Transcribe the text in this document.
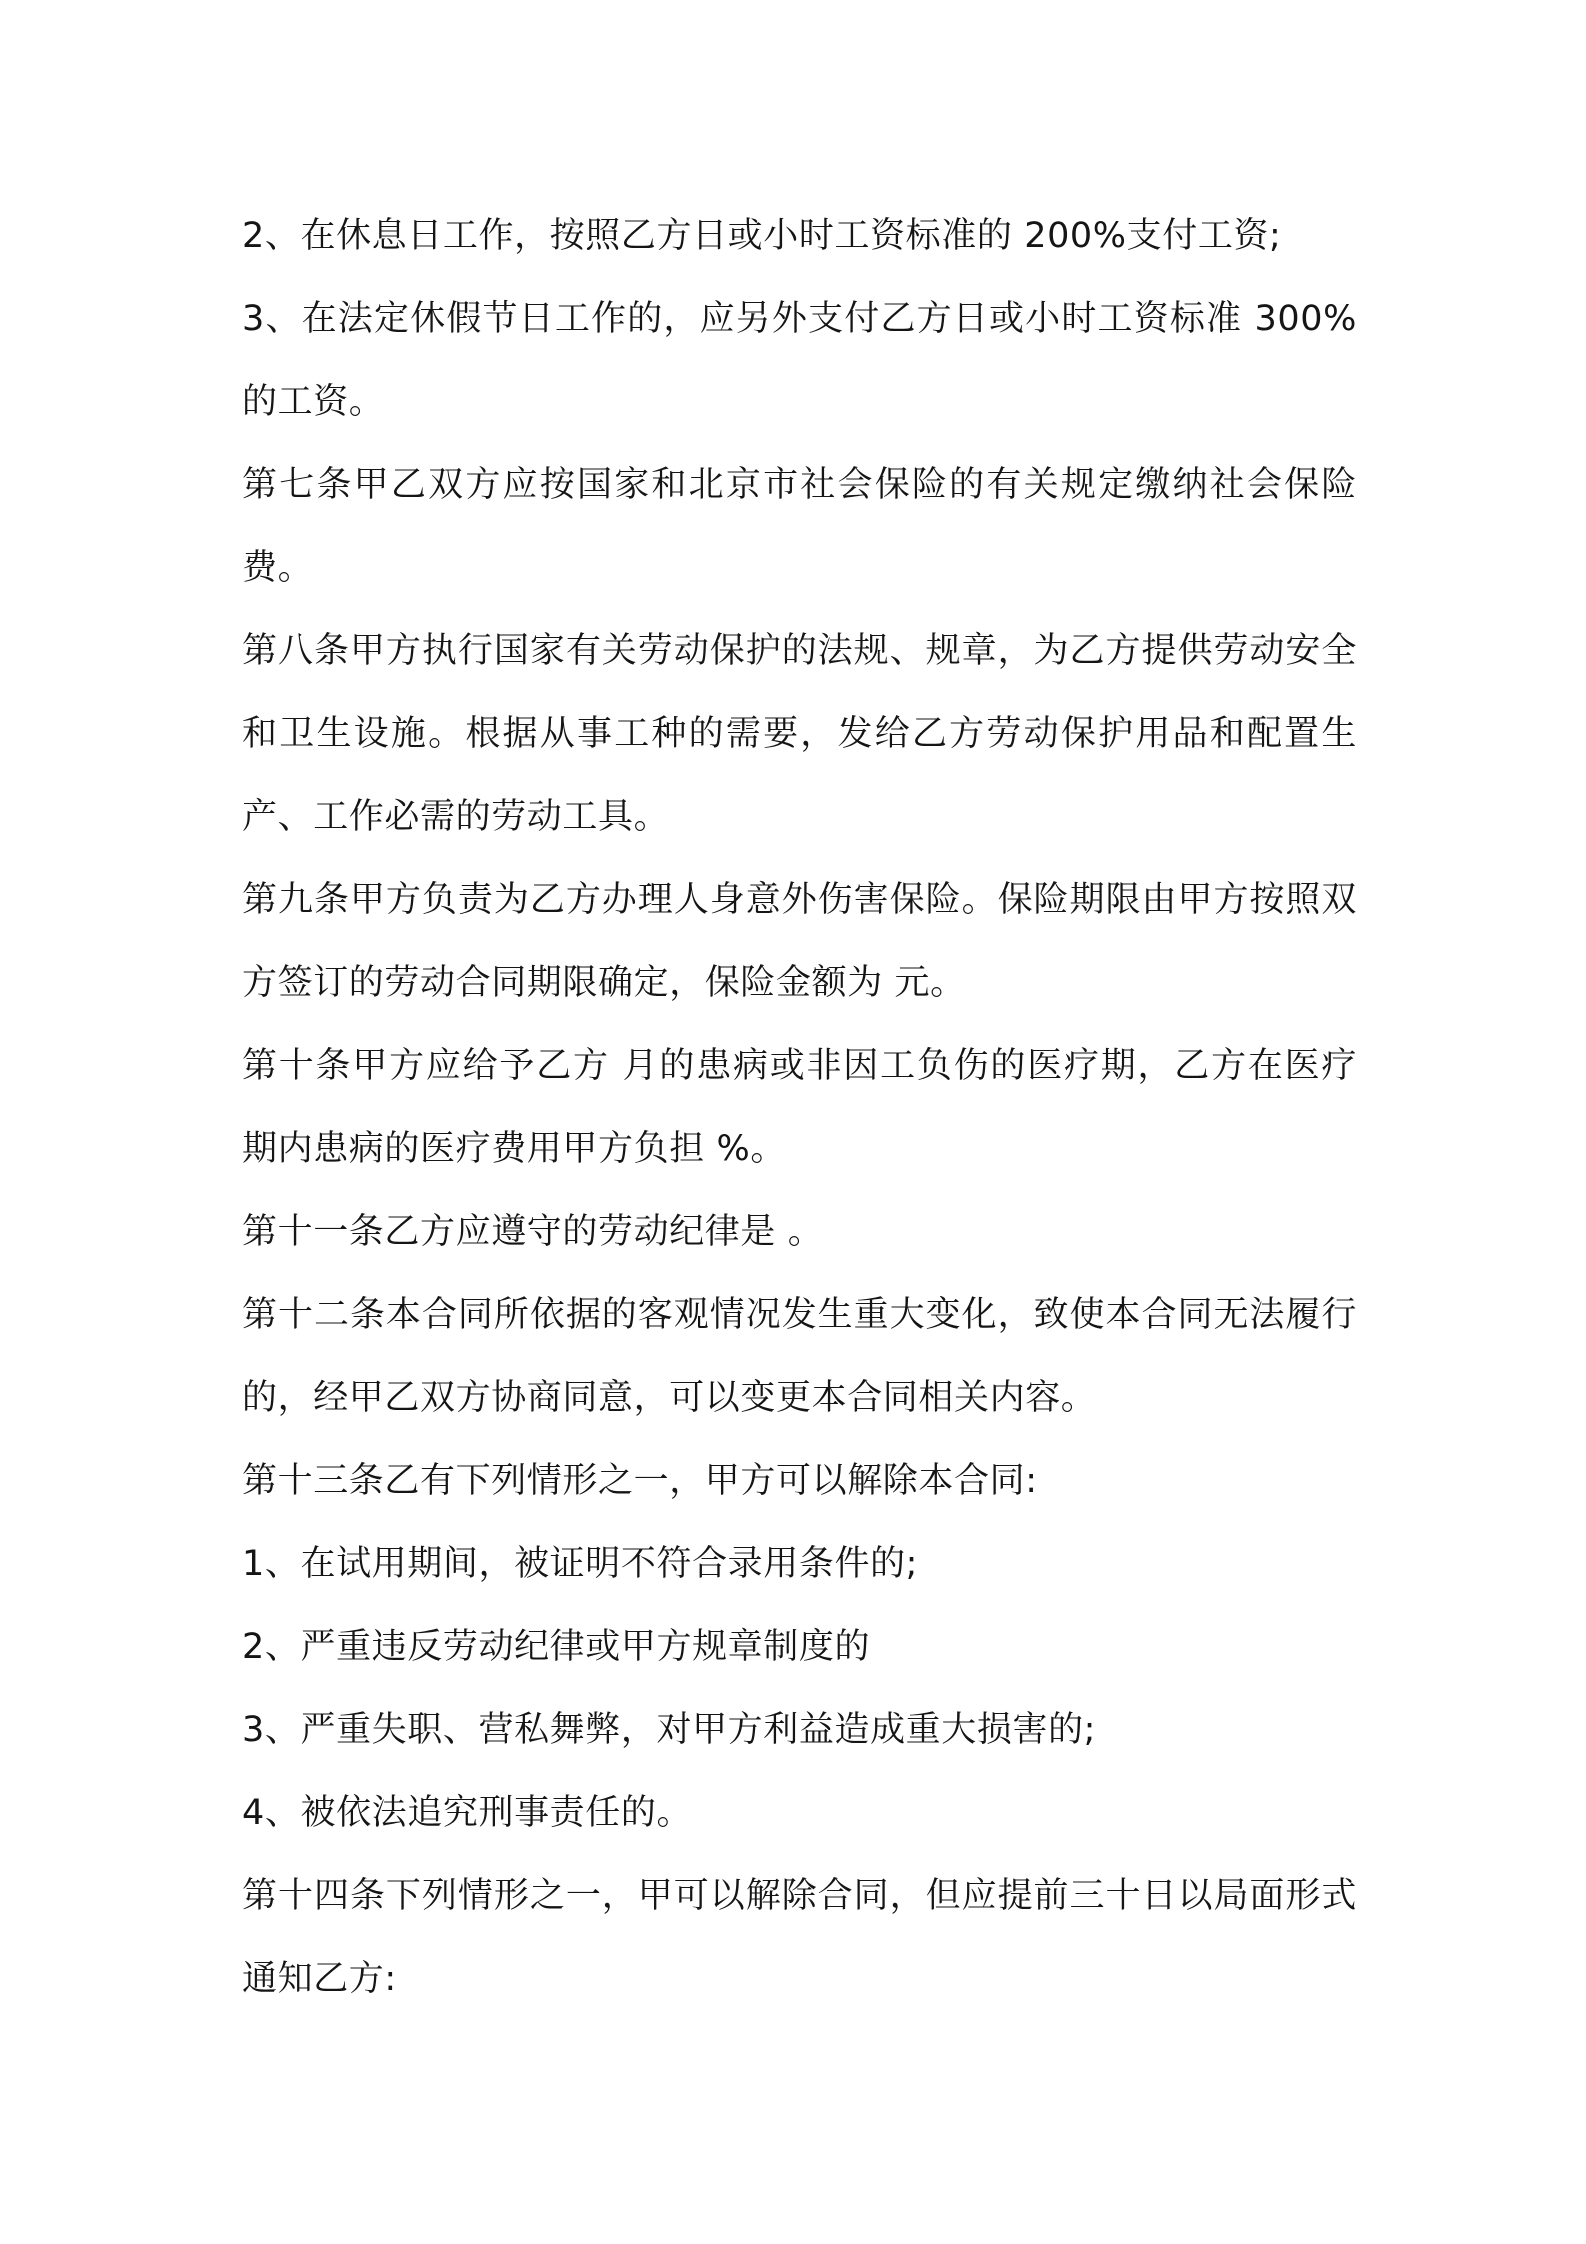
2、在休息日工作，按照乙方日或小时工资标准的 200%支付工资;

3、在法定休假节日工作的，应另外支付乙方日或小时工资标准 300%的工资。

第七条甲乙双方应按国家和北京市社会保险的有关规定缴纳社会保险费。

第八条甲方执行国家有关劳动保护的法规、规章，为乙方提供劳动安全和卫生设施。根据从事工种的需要，发给乙方劳动保护用品和配置生产、工作必需的劳动工具。

第九条甲方负责为乙方办理人身意外伤害保险。保险期限由甲方按照双方签订的劳动合同期限确定，保险金额为 元。

第十条甲方应给予乙方 月的患病或非因工负伤的医疗期，乙方在医疗期内患病的医疗费用甲方负担 %。

第十一条乙方应遵守的劳动纪律是 。

第十二条本合同所依据的客观情况发生重大变化，致使本合同无法履行的，经甲乙双方协商同意，可以变更本合同相关内容。

第十三条乙有下列情形之一，甲方可以解除本合同:

1、在试用期间，被证明不符合录用条件的;

2、严重违反劳动纪律或甲方规章制度的

3、严重失职、营私舞弊，对甲方利益造成重大损害的;

4、被依法追究刑事责任的。

第十四条下列情形之一，甲可以解除合同，但应提前三十日以局面形式通知乙方:
